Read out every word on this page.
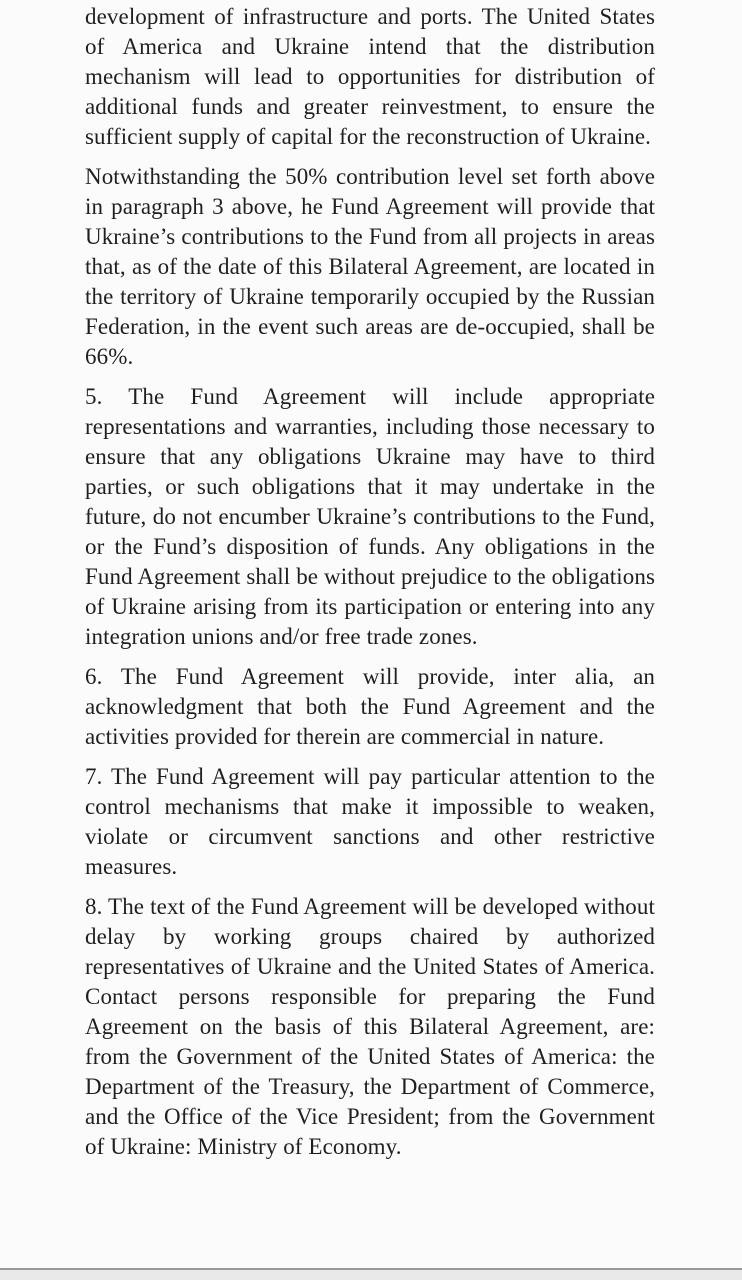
development of infrastructure and ports. The United States of America and Ukraine intend that the distribution mechanism will lead to opportunities for distribution of additional funds and greater reinvestment, to ensure the sufficient supply of capital for the reconstruction of Ukraine.

Notwithstanding the 50% contribution level set forth above in paragraph 3 above, he Fund Agreement will provide that Ukraine’s contributions to the Fund from all projects in areas that, as of the date of this Bilateral Agreement, are located in the territory of Ukraine temporarily occupied by the Russian Federation, in the event such areas are de-occupied, shall be 66%.

5. The Fund Agreement will include appropriate representations and warranties, including those necessary to ensure that any obligations Ukraine may have to third parties, or such obligations that it may undertake in the future, do not encumber Ukraine’s contributions to the Fund, or the Fund’s disposition of funds. Any obligations in the Fund Agreement shall be without prejudice to the obligations of Ukraine arising from its participation or entering into any integration unions and/or free trade zones.

6. The Fund Agreement will provide, inter alia, an acknowledgment that both the Fund Agreement and the activities provided for therein are commercial in nature.

7. The Fund Agreement will pay particular attention to the control mechanisms that make it impossible to weaken, violate or circumvent sanctions and other restrictive measures.

8. The text of the Fund Agreement will be developed without delay by working groups chaired by authorized representatives of Ukraine and the United States of America. Contact persons responsible for preparing the Fund Agreement on the basis of this Bilateral Agreement, are: from the Government of the United States of America: the Department of the Treasury, the Department of Commerce, and the Office of the Vice President; from the Government of Ukraine: Ministry of Economy.
